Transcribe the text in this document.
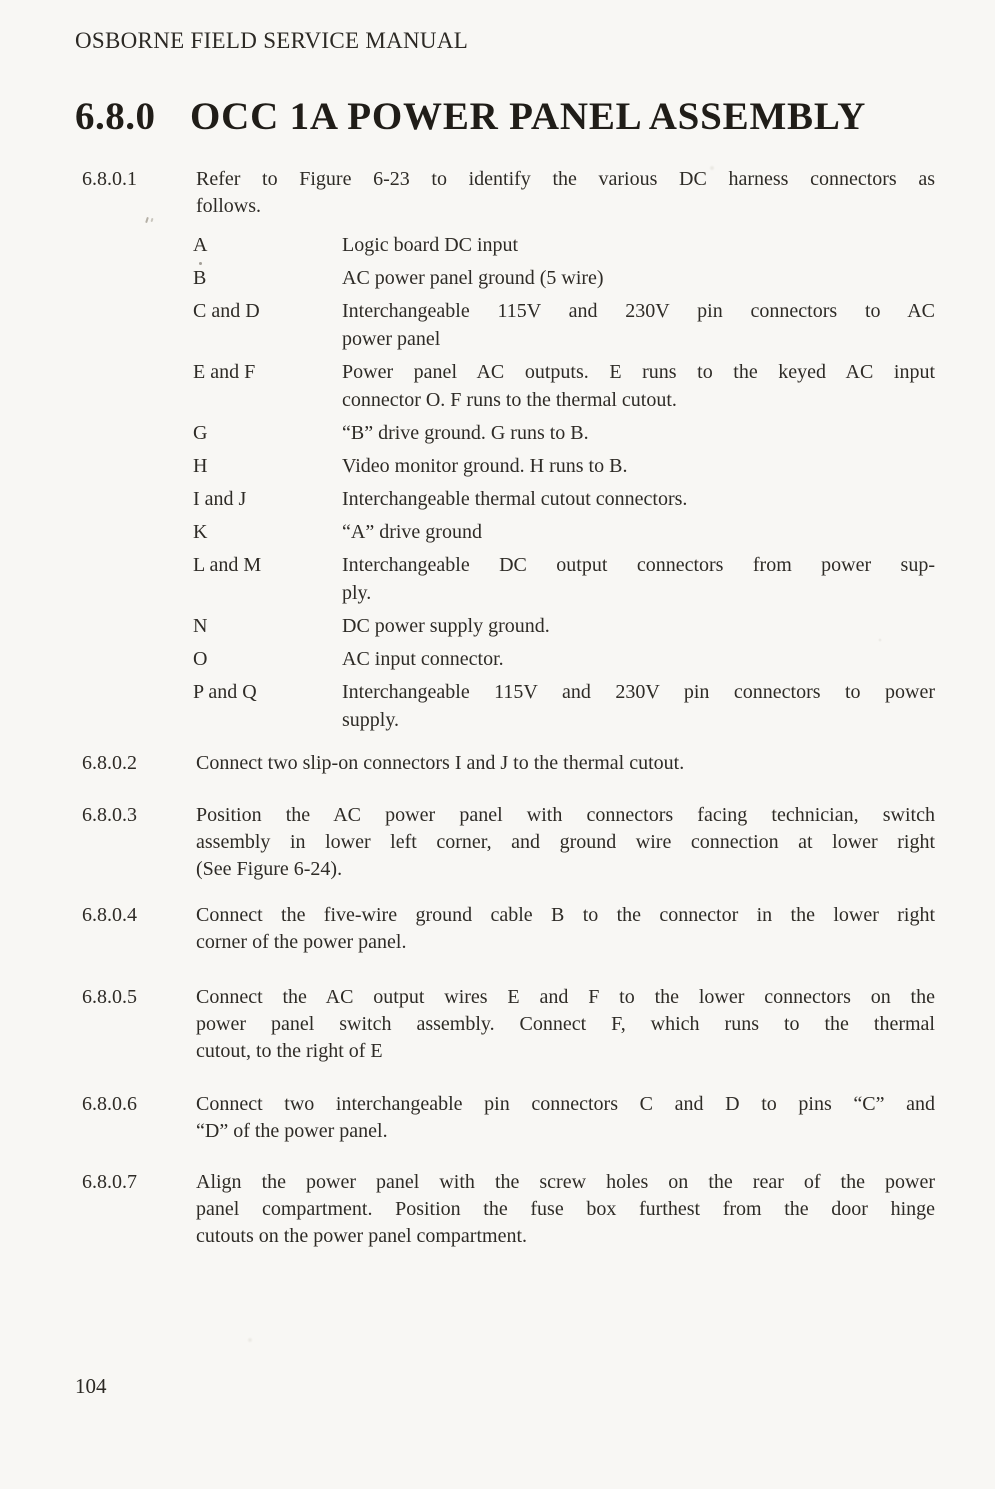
OSBORNE FIELD SERVICE MANUAL
6.8.0 OCC 1A POWER PANEL ASSEMBLY
6.8.0.1	Refer to Figure 6-23 to identify the various DC harness connectors as
follows.
A	Logic board DC input
B	AC power panel ground (5 wire)
C and D	Interchangeable 115V and 230V pin connectors to AC
power panel
E and F	Power panel AC outputs. E runs to the keyed AC input
connector O. F runs to the thermal cutout.
G	“B” drive ground. G runs to B.
H	Video monitor ground. H runs to B.
I and J	Interchangeable thermal cutout connectors.
K	“A” drive ground
L and M	Interchangeable DC output connectors from power sup-
ply.
N	DC power supply ground.
O	AC input connector.
P and Q	Interchangeable 115V and 230V pin connectors to power
supply.
6.8.0.2	Connect two slip-on connectors I and J to the thermal cutout.
6.8.0.3	Position the AC power panel with connectors facing technician, switch
assembly in lower left corner, and ground wire connection at lower right
(See Figure 6-24).
6.8.0.4	Connect the five-wire ground cable B to the connector in the lower right
corner of the power panel.
6.8.0.5	Connect the AC output wires E and F to the lower connectors on the
power panel switch assembly. Connect F, which runs to the thermal
cutout, to the right of E
6.8.0.6	Connect two interchangeable pin connectors C and D to pins “C” and
“D” of the power panel.
6.8.0.7	Align the power panel with the screw holes on the rear of the power
panel compartment. Position the fuse box furthest from the door hinge
cutouts on the power panel compartment.
104
